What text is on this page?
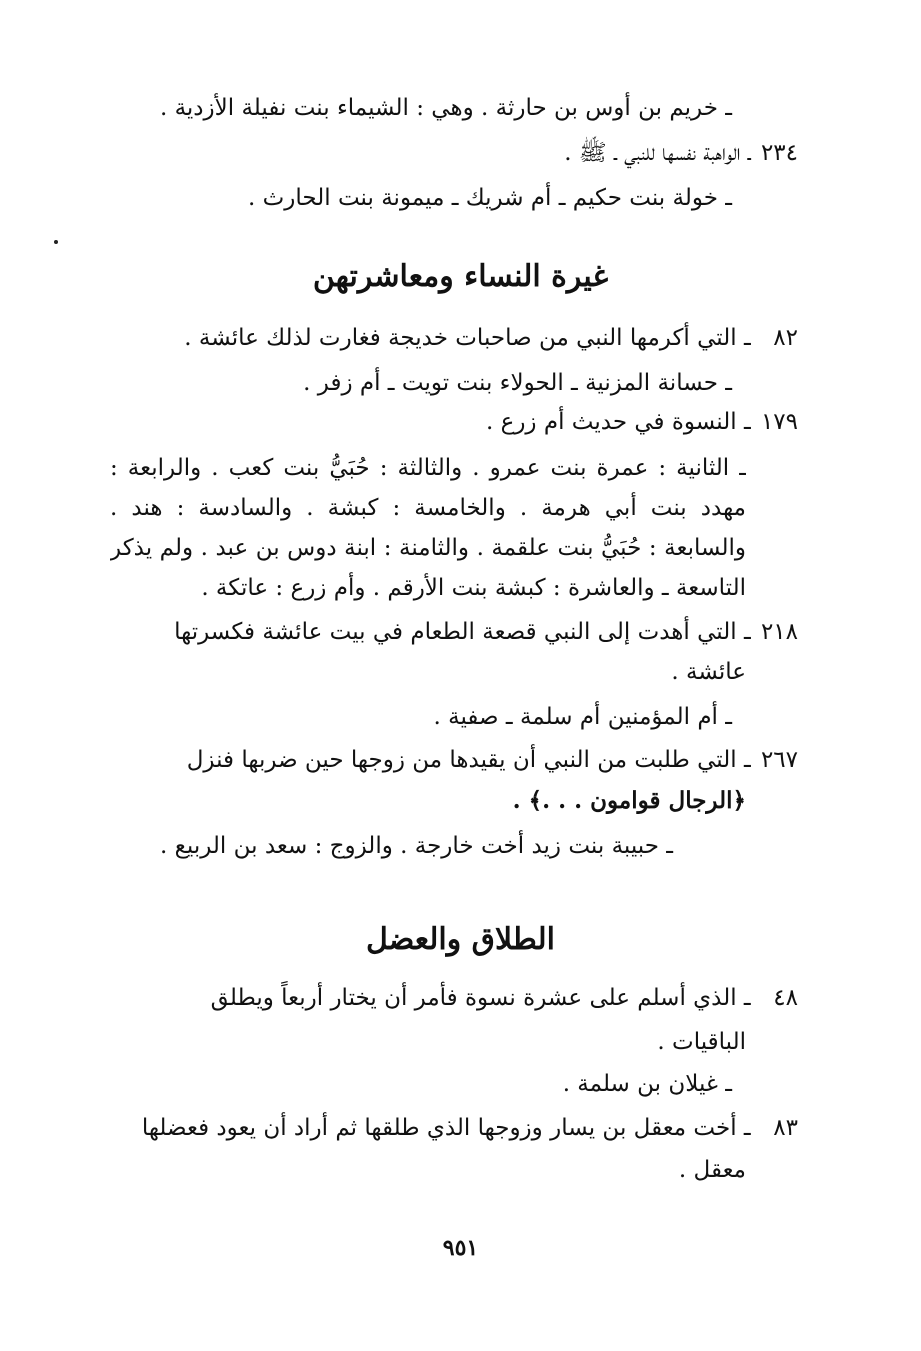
ـ خريم بن أوس بن حارثة . وهي : الشيماء بنت نفيلة الأزدية .
٢٣٤ ـ الواهبة نفسها للنبي ـ ﷺ .
ـ خولة بنت حكيم ـ أم شريك ـ ميمونة بنت الحارث .
غيرة النساء ومعاشرتهن
٨٢ ـ التي أكرمها النبي من صاحبات خديجة فغارت لذلك عائشة .
ـ حسانة المزنية ـ الحولاء بنت تويت ـ أم زفر .
١٧٩ ـ النسوة في حديث أم زرع .
ـ الثانية : عمرة بنت عمرو . والثالثة : حُبَيُّ بنت كعب . والرابعة :
مهدد بنت أبي هرمة . والخامسة : كبشة . والسادسة : هند .
والسابعة : حُبَيُّ بنت علقمة . والثامنة : ابنة دوس بن عبد . ولم يذكر
التاسعة ـ والعاشرة : كبشة بنت الأرقم . وأم زرع : عاتكة .
٢١٨ ـ التي أهدت إلى النبي قصعة الطعام في بيت عائشة فكسرتها
عائشة .
ـ أم المؤمنين أم سلمة ـ صفية .
٢٦٧ ـ التي طلبت من النبي أن يقيدها من زوجها حين ضربها فنزل
﴿الرجال قوامون . . .﴾ .
ـ حبيبة بنت زيد أخت خارجة . والزوج : سعد بن الربيع .
الطلاق والعضل
٤٨ ـ الذي أسلم على عشرة نسوة فأمر أن يختار أربعاً ويطلق
الباقيات .
ـ غيلان بن سلمة .
٨٣ ـ أخت معقل بن يسار وزوجها الذي طلقها ثم أراد أن يعود فعضلها
معقل .
٩٥١
